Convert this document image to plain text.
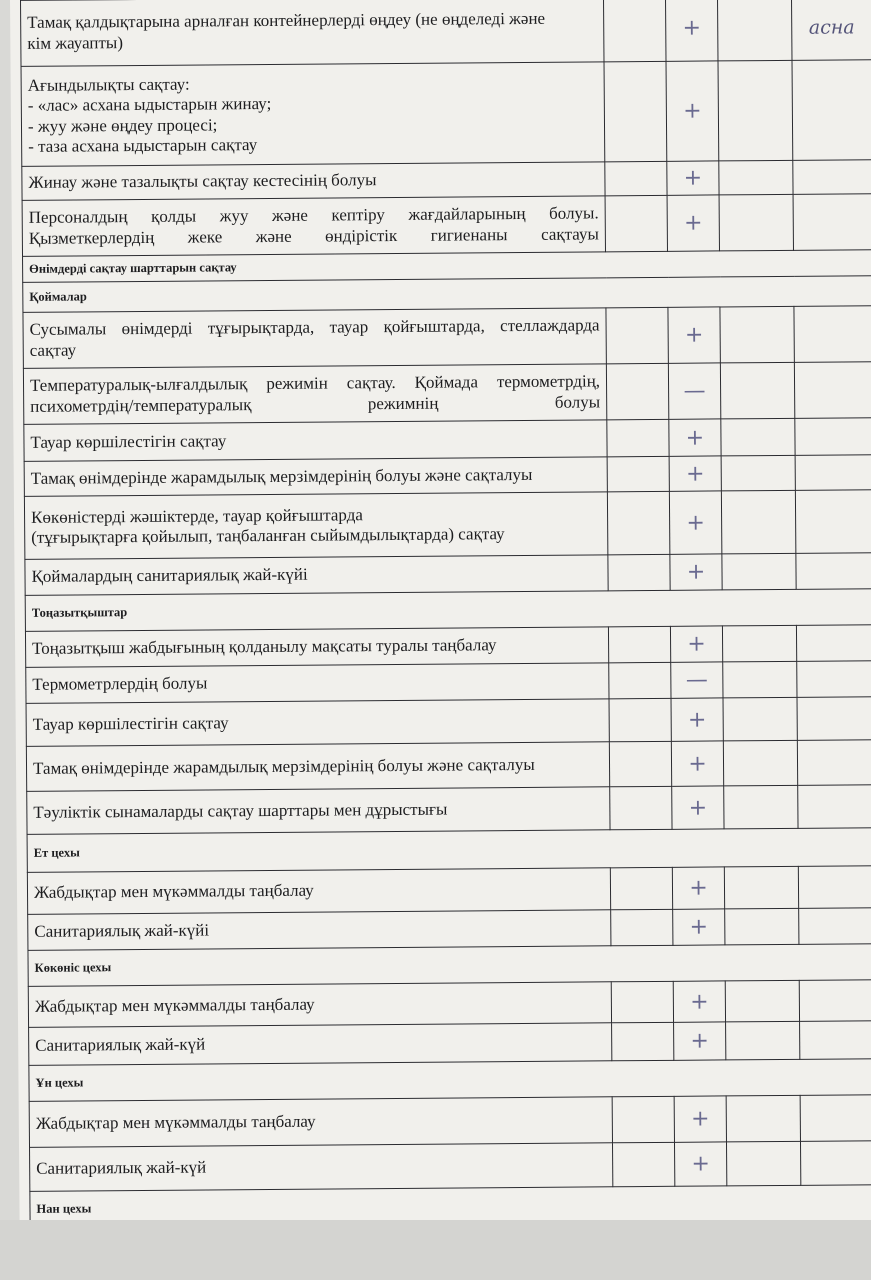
Тамақ қалдықтарына арналған контейнерлерді өңдеу (не өңделеді және
кім жауапты)		+		асна

Ағындылықты сақтау:
- «лас» асхана ыдыстарын жинау;
- жуу және өңдеу процесі;
- таза асхана ыдыстарын сақтау		+		

Жинау және тазалықты сақтау кестесінің болуы		+		

Персоналдың қолды жуу және кептіру жағдайларының болуы.
Қызметкерлердің жеке және өндірістік гигиенаны сақтауы		+		
Өнімдерді сақтау шарттарын сақтау				
Қоймалар				

Сусымалы өнімдерді тұғырықтарда, тауар қойғыштарда, стеллаждарда
сақтау		+		

Температуралық-ылғалдылық режимін сақтау. Қоймада термометрдің,
психометрдің/температуралық режимнің болуы		—		

Тауар көршілестігін сақтау		+		

Тамақ өнімдерінде жарамдылық мерзімдерінің болуы және сақталуы		+		

Көкөністерді жәшіктерде, тауар қойғыштарда
(тұғырықтарға қойылып, таңбаланған сыйымдылықтарда) сақтау		+		

Қоймалардың санитариялық жай-күйі		+		
Тоңазытқыштар				

Тоңазытқыш жабдығының қолданылу мақсаты туралы таңбалау		+		

Термометрлердің болуы		—		

Тауар көршілестігін сақтау		+		

Тамақ өнімдерінде жарамдылық мерзімдерінің болуы және сақталуы		+		

Тәуліктік сынамаларды сақтау шарттары мен дұрыстығы		+		
Ет цехы				

Жабдықтар мен мүкәммалды таңбалау		+		

Санитариялық жай-күйі		+		
Көкөніс цехы				

Жабдықтар мен мүкәммалды таңбалау		+		

Санитариялық жай-күй		+		
Ұн цехы				

Жабдықтар мен мүкәммалды таңбалау		+		

Санитариялық жай-күй		+		
Нан цехы				
